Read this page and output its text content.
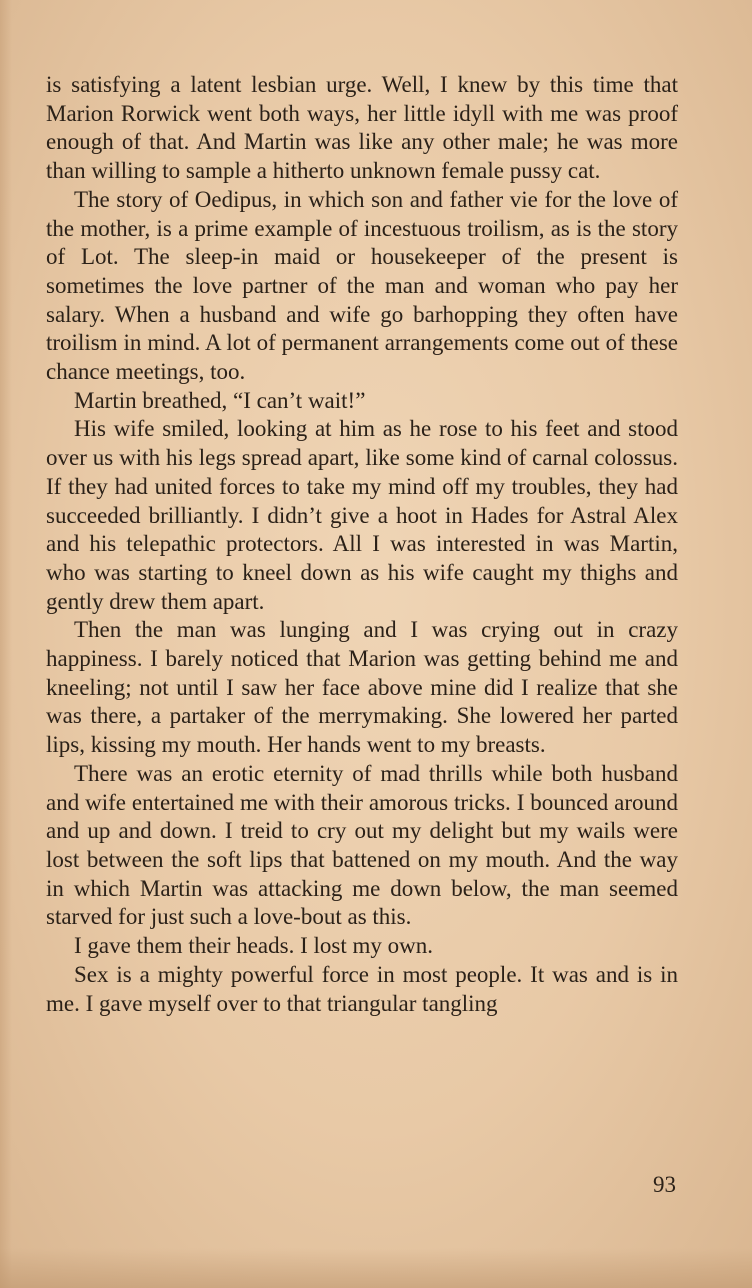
is satisfying a latent lesbian urge. Well, I knew by this time that Marion Rorwick went both ways, her little idyll with me was proof enough of that. And Martin was like any other male; he was more than willing to sample a hitherto unknown female pussy cat.

The story of Oedipus, in which son and father vie for the love of the mother, is a prime example of incestuous troilism, as is the story of Lot. The sleep-in maid or housekeeper of the present is sometimes the love partner of the man and woman who pay her salary. When a husband and wife go barhopping they often have troilism in mind. A lot of permanent arrangements come out of these chance meetings, too.

Martin breathed, “I can’t wait!”

His wife smiled, looking at him as he rose to his feet and stood over us with his legs spread apart, like some kind of carnal colossus. If they had united forces to take my mind off my troubles, they had succeeded brilliantly. I didn’t give a hoot in Hades for Astral Alex and his telepathic protectors. All I was interested in was Martin, who was starting to kneel down as his wife caught my thighs and gently drew them apart.

Then the man was lunging and I was crying out in crazy happiness. I barely noticed that Marion was getting behind me and kneeling; not until I saw her face above mine did I realize that she was there, a partaker of the merrymaking. She lowered her parted lips, kissing my mouth. Her hands went to my breasts.

There was an erotic eternity of mad thrills while both husband and wife entertained me with their amorous tricks. I bounced around and up and down. I treid to cry out my delight but my wails were lost between the soft lips that battened on my mouth. And the way in which Martin was attacking me down below, the man seemed starved for just such a love-bout as this.

I gave them their heads. I lost my own.

Sex is a mighty powerful force in most people. It was and is in me. I gave myself over to that triangular tangling

93
